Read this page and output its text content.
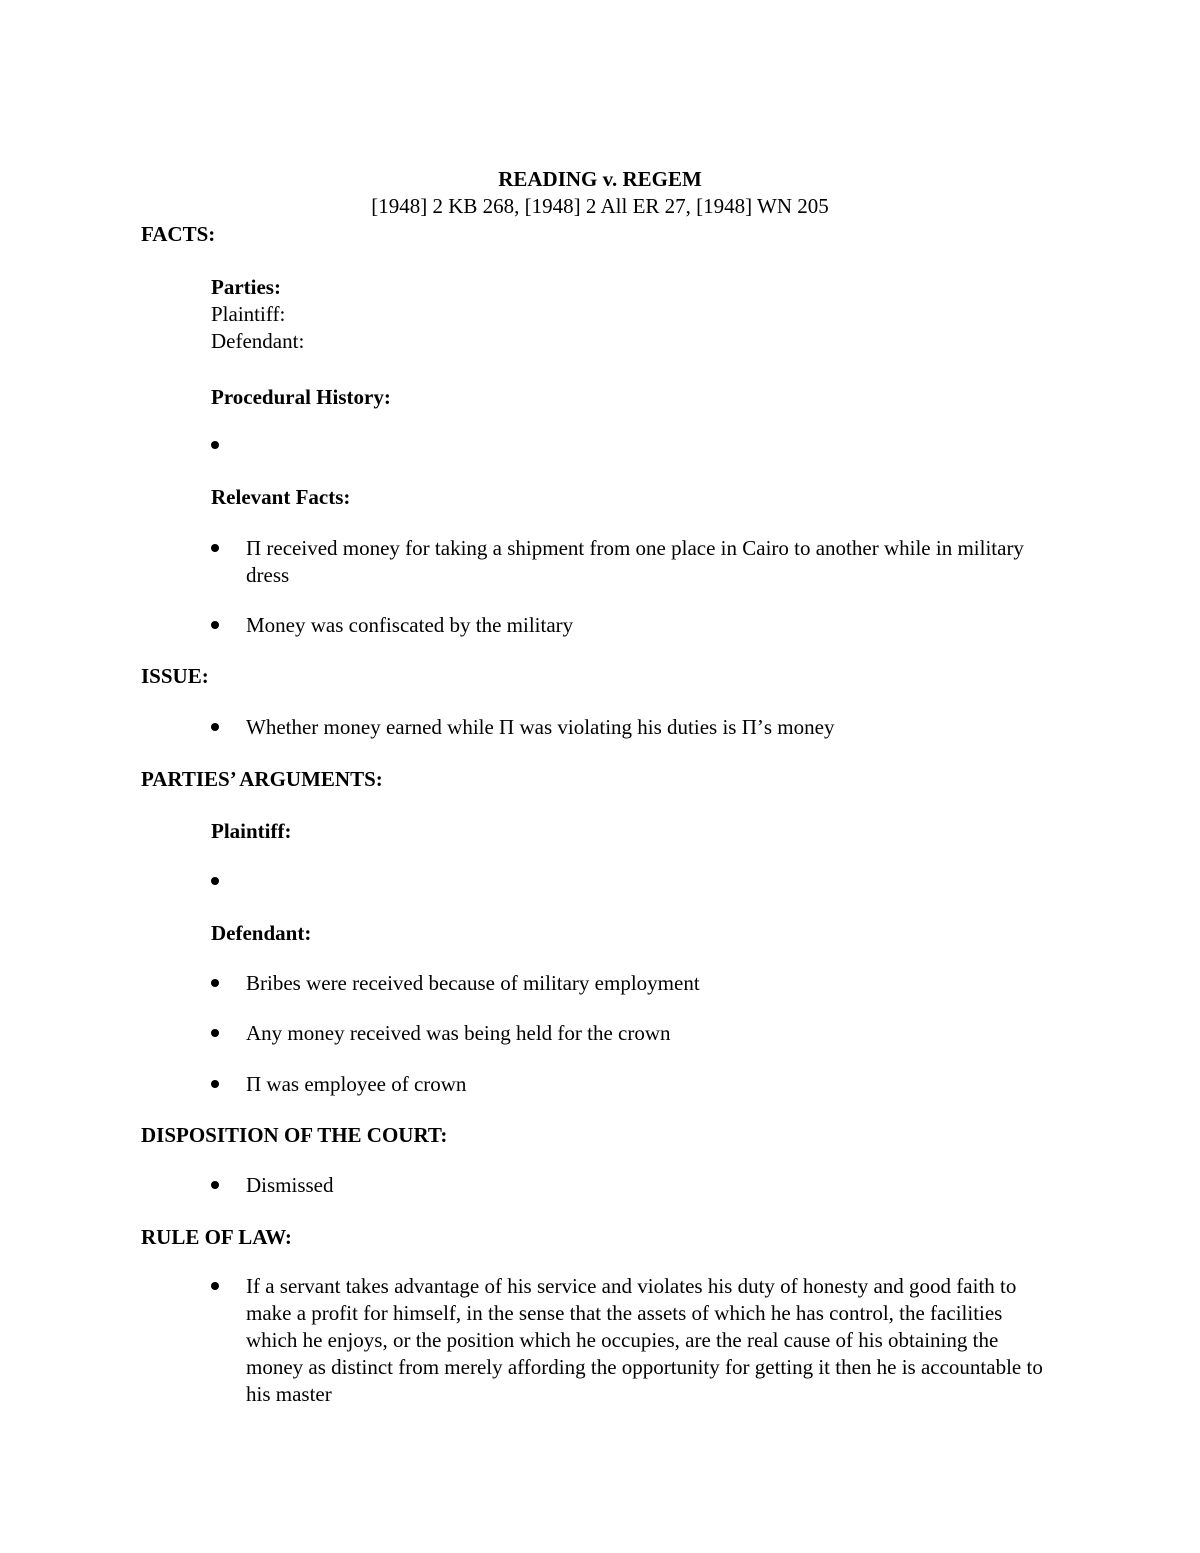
READING v. REGEM
[1948] 2 KB 268, [1948] 2 All ER 27, [1948] WN 205
FACTS:
Parties:
Plaintiff:
Defendant:
Procedural History:
Relevant Facts:
Π received money for taking a shipment from one place in Cairo to another while in military dress
Money was confiscated by the military
ISSUE:
Whether money earned while Π was violating his duties is Π’s money
PARTIES’ ARGUMENTS:
Plaintiff:
Defendant:
Bribes were received because of military employment
Any money received was being held for the crown
Π was employee of crown
DISPOSITION OF THE COURT:
Dismissed
RULE OF LAW:
If a servant takes advantage of his service and violates his duty of honesty and good faith to make a profit for himself, in the sense that the assets of which he has control, the facilities which he enjoys, or the position which he occupies, are the real cause of his obtaining the money as distinct from merely affording the opportunity for getting it then he is accountable to his master
